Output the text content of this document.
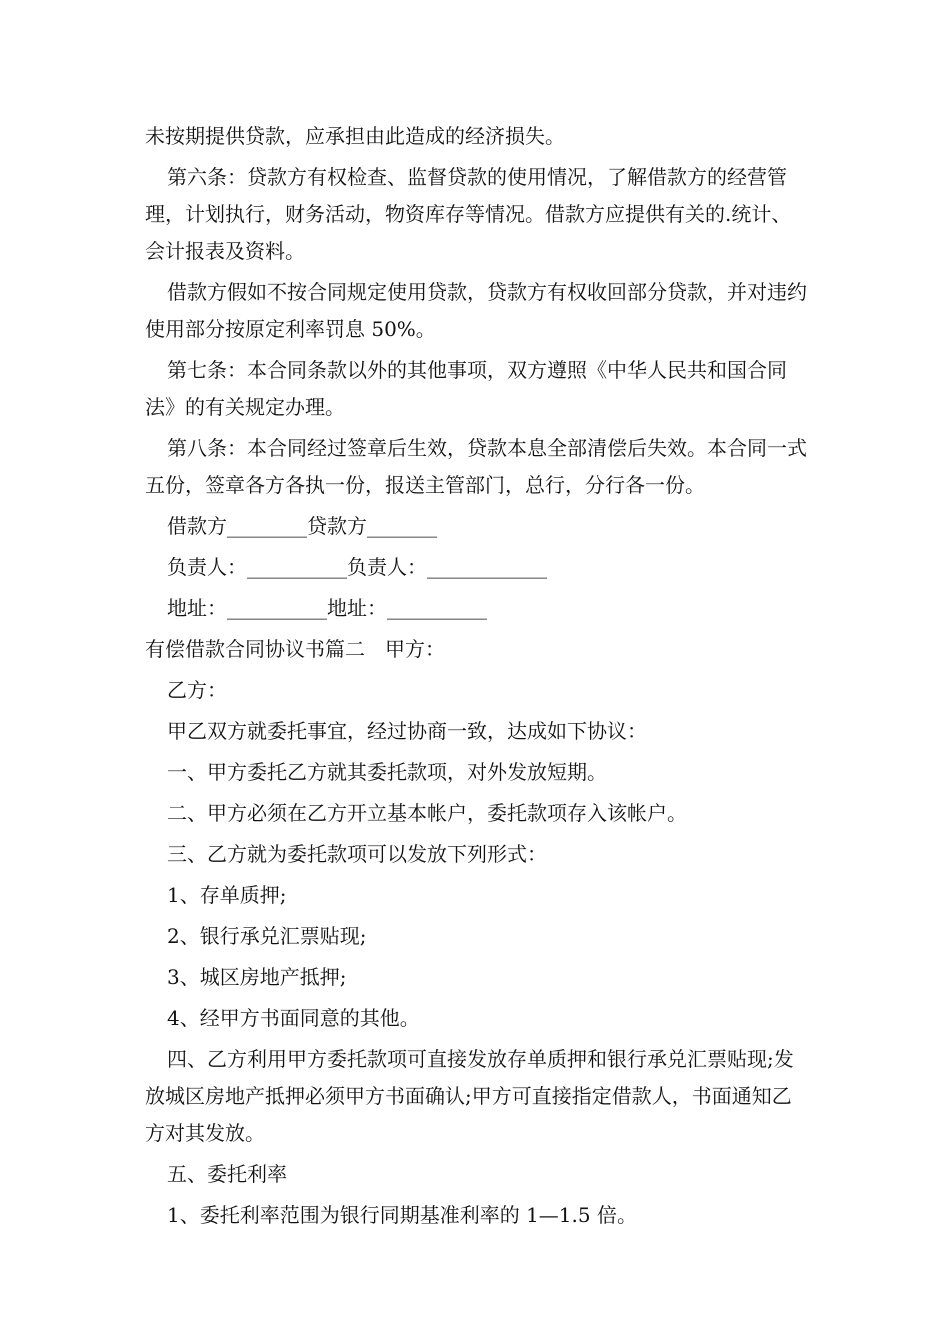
未按期提供贷款，应承担由此造成的经济损失。

第六条：贷款方有权检查、监督贷款的使用情况，了解借款方的经营管理，计划执行，财务活动，物资库存等情况。借款方应提供有关的.统计、会计报表及资料。

借款方假如不按合同规定使用贷款，贷款方有权收回部分贷款，并对违约使用部分按原定利率罚息 50%。

第七条：本合同条款以外的其他事项，双方遵照《中华人民共和国合同法》的有关规定办理。

第八条：本合同经过签章后生效，贷款本息全部清偿后失效。本合同一式五份，签章各方各执一份，报送主管部门，总行，分行各一份。

借款方________贷款方_______

负责人：__________负责人：____________

地址：__________地址：__________

有偿借款合同协议书篇二　甲方：

乙方：

甲乙双方就委托事宜，经过协商一致，达成如下协议：

一、甲方委托乙方就其委托款项，对外发放短期。

二、甲方必须在乙方开立基本帐户，委托款项存入该帐户。

三、乙方就为委托款项可以发放下列形式：

1、存单质押;

2、银行承兑汇票贴现;

3、城区房地产抵押;

4、经甲方书面同意的其他。

四、乙方利用甲方委托款项可直接发放存单质押和银行承兑汇票贴现;发放城区房地产抵押必须甲方书面确认;甲方可直接指定借款人，书面通知乙方对其发放。

五、委托利率

1、委托利率范围为银行同期基准利率的 1—1.5 倍。
